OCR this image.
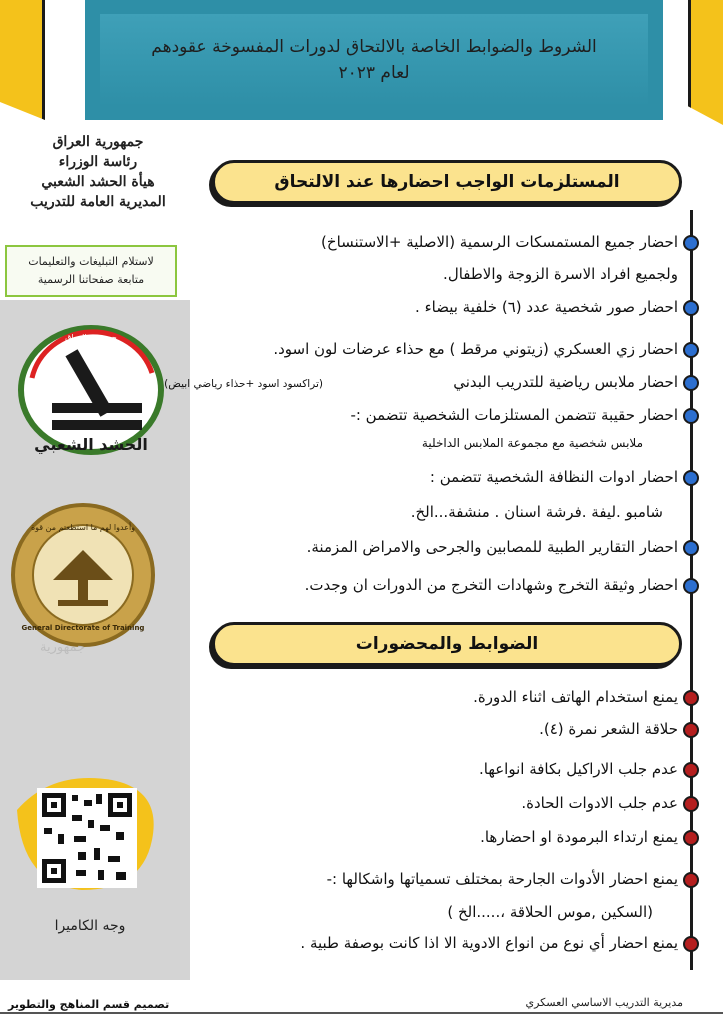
الشروط والضوابط الخاصة بالالتحاق لدورات المفسوخة عقودهم
لعام ٢٠٢٣
جمهورية العراق
رئاسة الوزراء
هيأة الحشد الشعبي
المديرية العامة للتدريب
لاستلام التبليغات والتعليمات
متابعة صفحاتنا الرسمية
الحشد الشعبي
جمهورية العراق
وأعدوا لهم ما استطعتم من قوة
General Directorate of Training
جمهورية
وجه الكاميرا
المستلزمات الواجب احضارها عند الالتحاق
احضار جميع المستمسكات الرسمية (الاصلية +الاستنساخ)
ولجميع افراد الاسرة الزوجة والاطفال.
احضار صور شخصية عدد (٦) خلفية بيضاء .
احضار زي العسكري (زيتوني مرقط ) مع حذاء عرضات لون اسود.
احضار ملابس رياضية للتدريب البدني
(تراكسود اسود +حذاء رياضي ابيض)
احضار حقيبة تتضمن المستلزمات الشخصية تتضمن :-
ملابس شخصية مع مجموعة الملابس الداخلية
احضار ادوات النظافة الشخصية تتضمن :
شامبو .ليفة .فرشة اسنان . منشفة...الخ.
احضار التقارير الطبية للمصابين والجرحى والامراض المزمنة.
احضار وثيقة التخرج وشهادات التخرج من الدورات ان وجدت.
الضوابط والمحضورات
يمنع استخدام الهاتف اثناء الدورة.
حلاقة الشعر نمرة (٤).
عدم جلب الاراكيل بكافة انواعها.
عدم جلب الادوات الحادة.
يمنع ارتداء البرمودة او احضارها.
يمنع احضار الأدوات الجارحة بمختلف تسمياتها واشكالها :-
(السكين ,موس الحلاقة ،.....الخ )
يمنع احضار أي نوع من انواع الادوية الا اذا كانت بوصفة طبية .
تصميم قسم المناهج والتطوير	مديرية التدريب الاساسي العسكري
